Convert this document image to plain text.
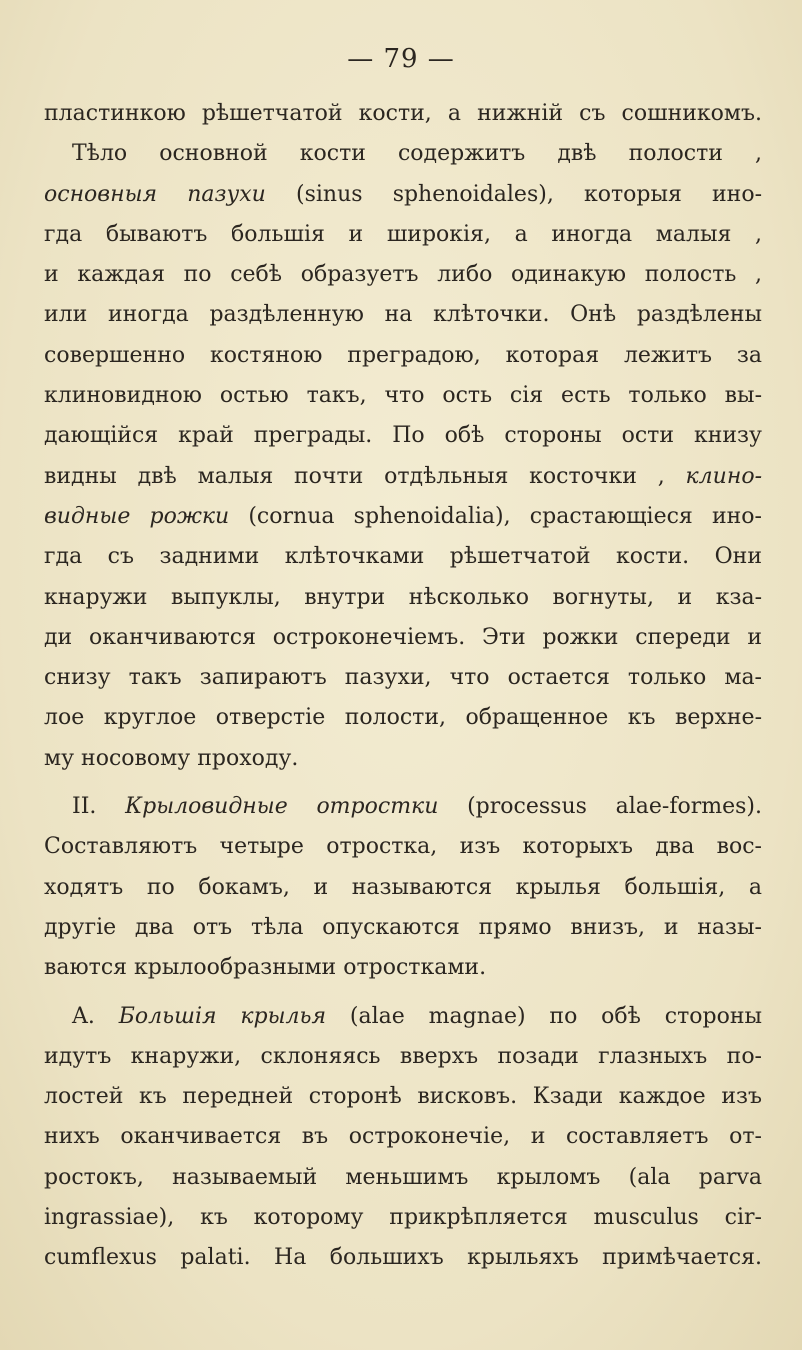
— 79 —
пластинкою рѣшетчатой кости, а нижній съ сошникомъ.
Тѣло основной кости содержитъ двѣ полости ,
основныя пазухи (sinus sphenoidales), которыя ино-
гда бываютъ большія и широкія, а иногда малыя ,
и каждая по себѣ образуетъ либо одинакую полость ,
или иногда раздѣленную на клѣточки. Онѣ раздѣлены
совершенно костяною преградою, которая лежитъ за
клиновидною остью такъ, что ость сія есть только вы-
дающійся край преграды. По обѣ стороны ости книзу
видны двѣ малыя почти отдѣльныя косточки , клино-
видные рожки (cornua sphenoidalia), срастающіеся ино-
гда съ задними клѣточками рѣшетчатой кости. Они
кнаружи выпуклы, внутри нѣсколько вогнуты, и кза-
ди оканчиваются остроконечіемъ. Эти рожки спереди и
снизу такъ запираютъ пазухи, что остается только ма-
лое круглое отверстіе полости, обращенное къ верхне-
му носовому проходу.
II. Крыловидные отростки (processus alae-formes).
Составляютъ четыре отростка, изъ которыхъ два вос-
ходятъ по бокамъ, и называются крылья большія, а
другіе два отъ тѣла опускаются прямо внизъ, и назы-
ваются крылообразными отростками.
A. Большія крылья (alae magnae) по обѣ стороны
идутъ кнаружи, склоняясь вверхъ позади глазныхъ по-
лостей къ передней сторонѣ висковъ. Кзади каждое изъ
нихъ оканчивается въ остроконечіе, и составляетъ от-
ростокъ, называемый меньшимъ крыломъ (ala parva
ingrassiae), къ которому прикрѣпляется musculus cir-
cumflexus palati. На большихъ крыльяхъ примѣчается.
